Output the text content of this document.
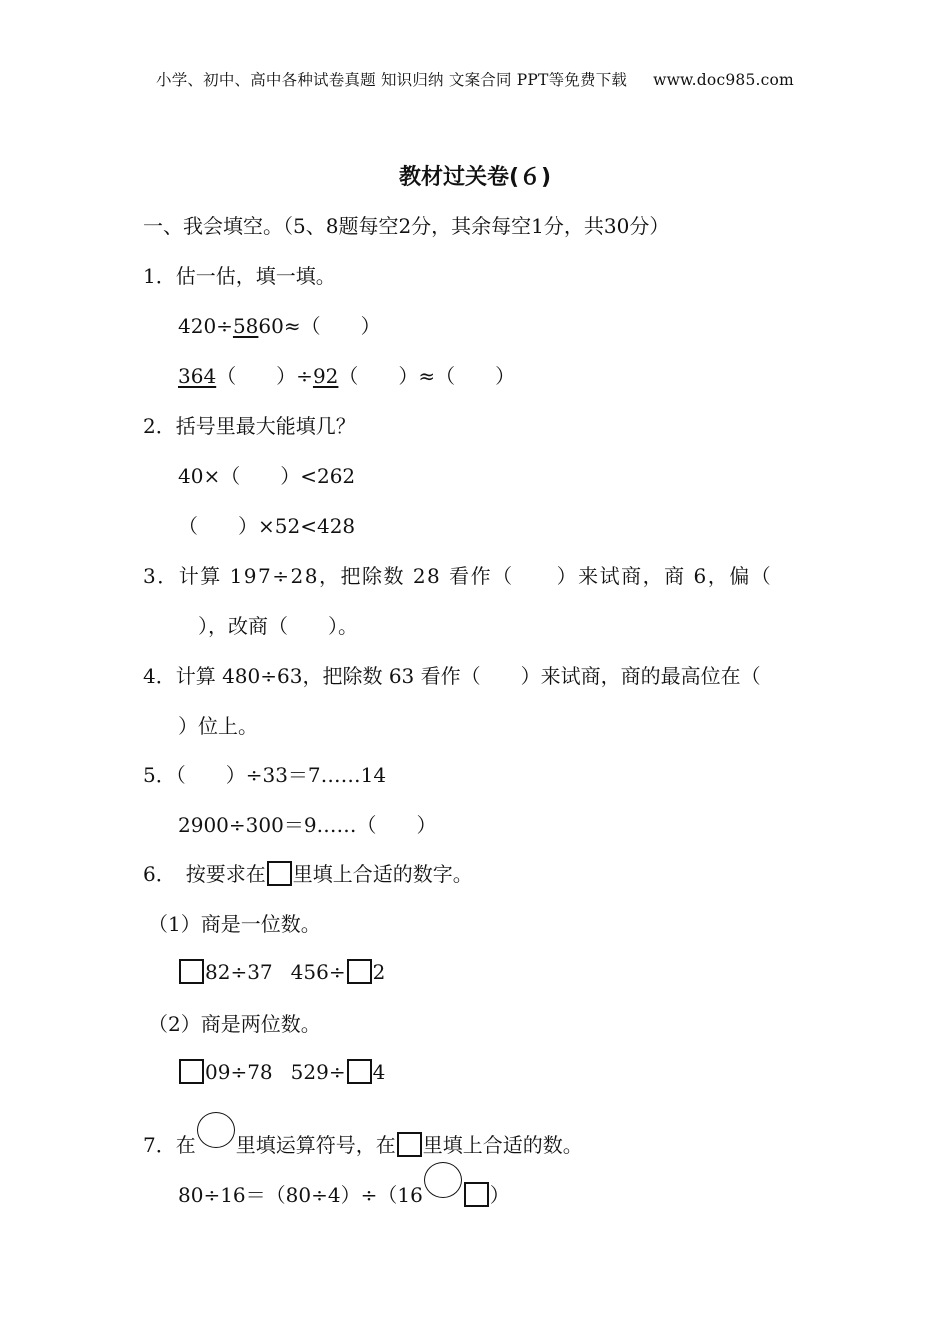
小学、初中、高中各种试卷真题 知识归纳 文案合同 PPT等免费下载 www.doc985.com
教材过关卷(６)
一、我会填空。（5、8题每空2分，其余每空1分，共30分）
1．估一估，填一填。
420÷5860≈（　　）
364（　　）÷92（　　）≈（　　）
2．括号里最大能填几？
40×（　　）<262
（　　）×52<428
3．计算 197÷28，把除数 28 看作（　　）来试商，商 6，偏（
），改商（　　）。
4．计算 480÷63，把除数 63 看作（　　）来试商，商的最高位在（
）位上。
5．（　　）÷33＝7……14
2900÷300＝9……（　　）
6．　按要求在 里填上合适的数字。
（1）商是一位数。
82÷37 456÷ 2
（2）商是两位数。
09÷78 529÷ 4
7．在 里填运算符号，在 里填上合适的数。
80÷16＝（80÷4）÷（16	）
